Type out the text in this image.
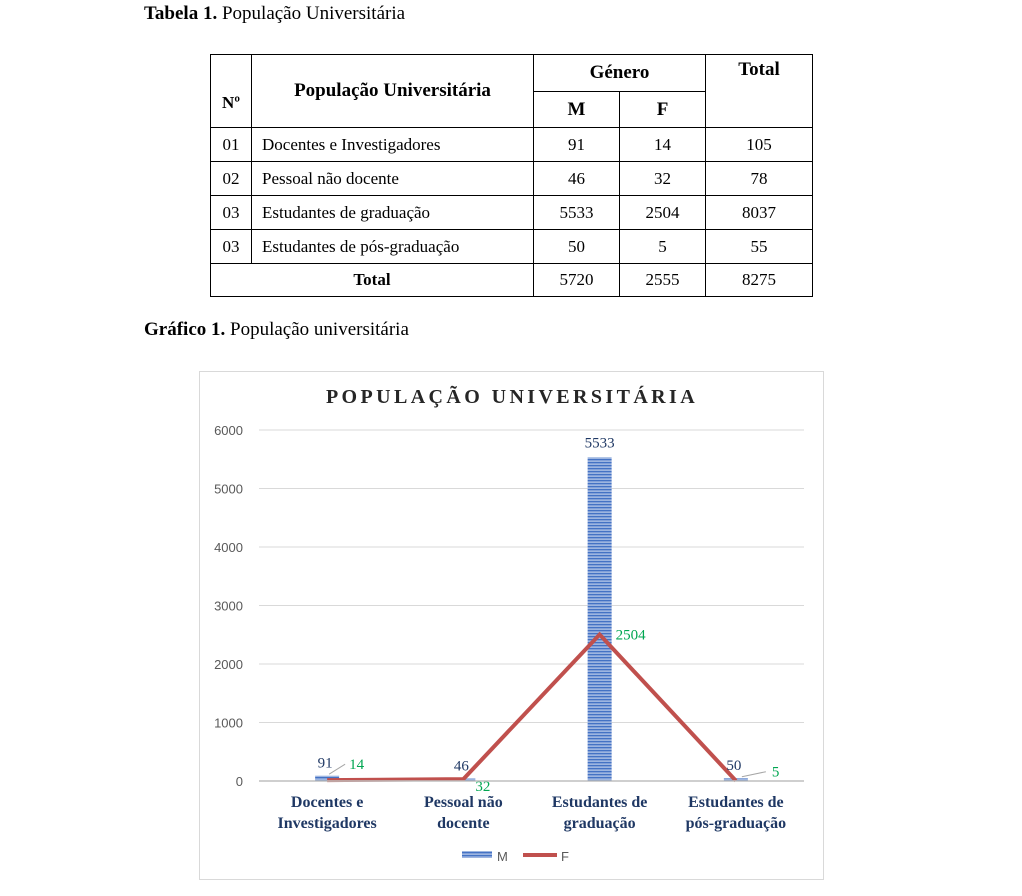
Tabela 1. População Universitária
Nº	População Universitária	Género		Total
		M	F	
01	Docentes e Investigadores	91	14	105
02	Pessoal não docente	46	32	78
03	Estudantes de graduação	5533	2504	8037
03	Estudantes de pós-graduação	50	5	55
Total		5720	2555	8275
Gráfico 1. População universitária
POPULAÇÃO UNIVERSITÁRIA
0
1000
2000
3000
4000
5000
6000
91	46
5533
50
14
32
2504
5
Docentes e
Investigadores
Pessoal não
docente
Estudantes de
graduação
Estudantes de
pós-graduação
M	F
